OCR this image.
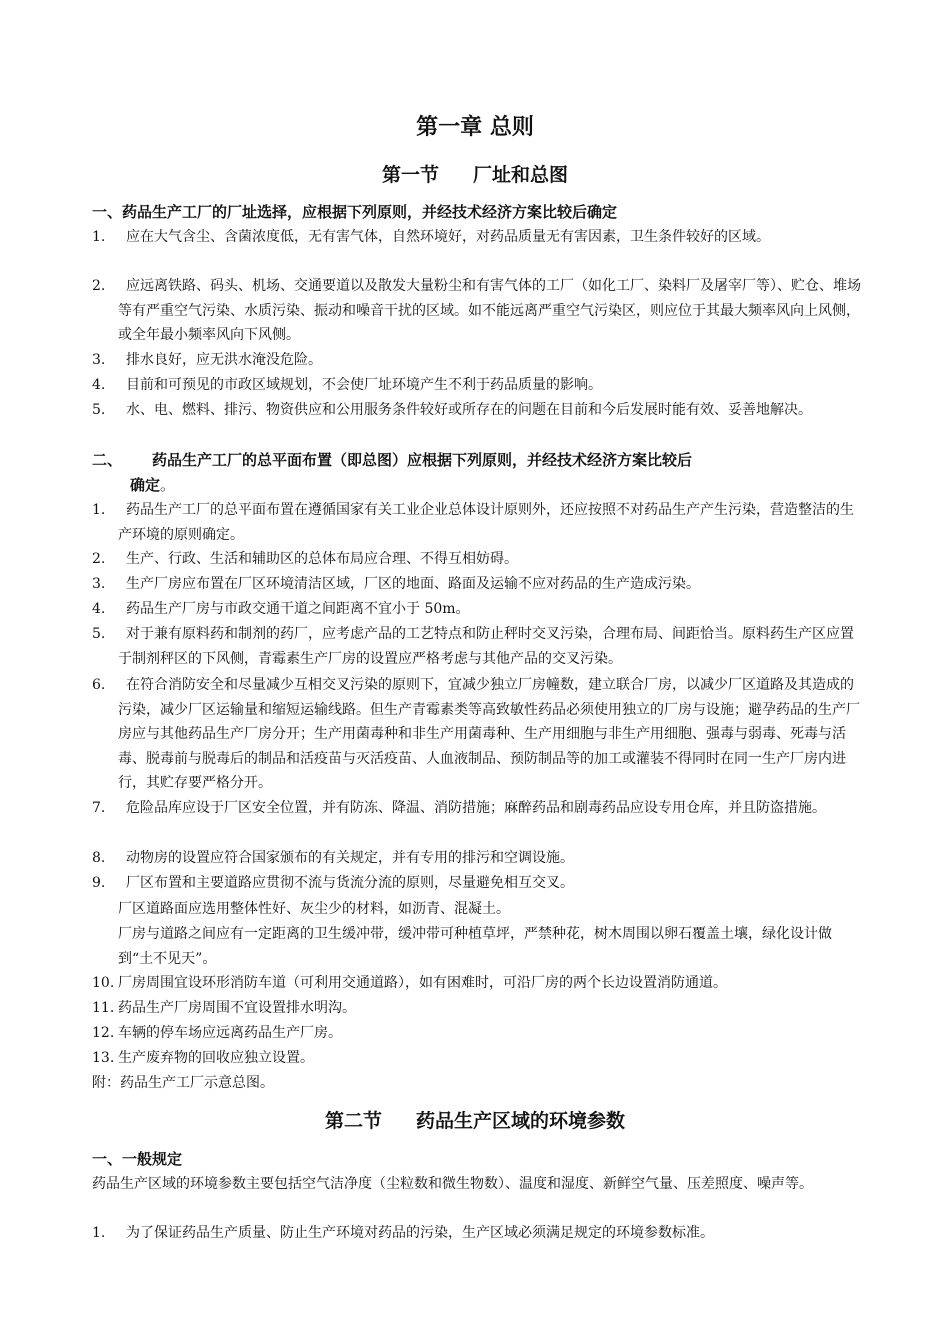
第一章 总则
第一节 厂址和总图

一、药品生产工厂的厂址选择，应根据下列原则，并经技术经济方案比较后确定

1.	应在大气含尘、含菌浓度低，无有害气体，自然环境好，对药品质量无有害因素，卫生条件较好的区域。
2.	应远离铁路、码头、机场、交通要道以及散发大量粉尘和有害气体的工厂（如化工厂、染料厂及屠宰厂等）、贮仓、堆场等有严重空气污染、水质污染、振动和噪音干扰的区域。如不能远离严重空气污染区，则应位于其最大频率风向上风侧，或全年最小频率风向下风侧。
3.	排水良好，应无洪水淹没危险。
4.	目前和可预见的市政区域规划，不会使厂址环境产生不利于药品质量的影响。
5.	水、电、燃料、排污、物资供应和公用服务条件较好或所存在的问题在目前和今后发展时能有效、妥善地解决。
二、 药品生产工厂的总平面布置（即总图）应根据下列原则，并经技术经济方案比较后
确定。
1.	药品生产工厂的总平面布置在遵循国家有关工业企业总体设计原则外，还应按照不对药品生产产生污染，营造整洁的生产环境的原则确定。
2.	生产、行政、生活和辅助区的总体布局应合理、不得互相妨碍。
3.	生产厂房应布置在厂区环境清洁区域，厂区的地面、路面及运输不应对药品的生产造成污染。
4.	药品生产厂房与市政交通干道之间距离不宜小于 50m。
5.	对于兼有原料药和制剂的药厂，应考虑产品的工艺特点和防止秤时交叉污染，合理布局、间距恰当。原料药生产区应置于制剂秤区的下风侧，青霉素生产厂房的设置应严格考虑与其他产品的交叉污染。
6.	在符合消防安全和尽量减少互相交叉污染的原则下，宜减少独立厂房幢数，建立联合厂房，以减少厂区道路及其造成的污染，减少厂区运输量和缩短运输线路。但生产青霉素类等高致敏性药品必须使用独立的厂房与设施；避孕药品的生产厂房应与其他药品生产厂房分开；生产用菌毒种和非生产用菌毒种、生产用细胞与非生产用细胞、强毒与弱毒、死毒与活毒、脱毒前与脱毒后的制品和活疫苗与灭活疫苗、人血液制品、预防制品等的加工或灌装不得同时在同一生产厂房内进行，其贮存要严格分开。
7.	危险品库应设于厂区安全位置，并有防冻、降温、消防措施；麻醉药品和剧毒药品应设专用仓库，并且防盗措施。
8.	动物房的设置应符合国家颁布的有关规定，并有专用的排污和空调设施。
9.	厂区布置和主要道路应贯彻不流与货流分流的原则，尽量避免相互交叉。

厂区道路面应选用整体性好、灰尘少的材料，如沥青、混凝土。

厂房与道路之间应有一定距离的卫生缓冲带，缓冲带可种植草坪，严禁种花，树木周围以卵石覆盖土壤，绿化设计做到“土不见天”。

10. 厂房周围宜设环形消防车道（可利用交通道路），如有困难时，可沿厂房的两个长边设置消防通道。
11. 药品生产厂房周围不宜设置排水明沟。
12. 车辆的停车场应远离药品生产厂房。
13. 生产废弃物的回收应独立设置。

附：药品生产工厂示意总图。

第二节 药品生产区域的环境参数

一、一般规定

药品生产区域的环境参数主要包括空气洁净度（尘粒数和微生物数）、温度和湿度、新鲜空气量、压差照度、噪声等。

1.	为了保证药品生产质量、防止生产环境对药品的污染，生产区域必须满足规定的环境参数标准。
